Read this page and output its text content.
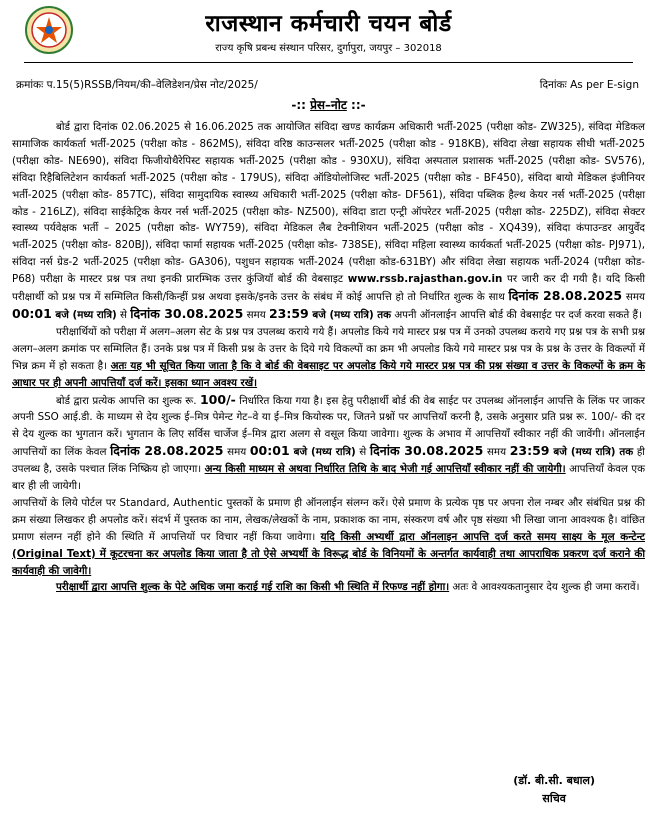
राजस्थान कर्मचारी चयन बोर्ड
राज्य कृषि प्रबन्ध संस्थान परिसर, दुर्गापुरा, जयपुर – 302018
क्रमांकः प.15(5)RSSB/नियम/की–वेलिडेशन/प्रेस नोट/2025/	दिनांकः As per E-sign
-:: प्रेस–नोट ::-

बोर्ड द्वारा दिनांक 02.06.2025 से 16.06.2025 तक आयोजित संविदा खण्ड कार्यक्रम अधिकारी भर्ती-2025 (परीक्षा कोड- ZW325), संविदा मेडिकल सामाजिक कार्यकर्ता भर्ती-2025 (परीक्षा कोड - 862MS), संविदा वरिष्ठ काउन्सलर भर्ती-2025 (परीक्षा कोड - 918KB), संविदा लेखा सहायक सीधी भर्ती-2025 (परीक्षा कोड- NE690), संविदा फिजीयोथैरेपिस्ट सहायक भर्ती-2025 (परीक्षा कोड - 930XU), संविदा अस्पताल प्रशासक भर्ती-2025 (परीक्षा कोड- SV576), संविदा रिहैबिलिटेशन कार्यकर्ता भर्ती-2025 (परीक्षा कोड - 179US), संविदा ऑडियोलोजिस्ट भर्ती-2025 (परीक्षा कोड - BF450), संविदा बायो मेडिकल इंजीनियर भर्ती-2025 (परीक्षा कोड- 857TC), संविदा सामुदायिक स्वास्थ्य अधिकारी भर्ती-2025 (परीक्षा कोड- DF561), संविदा पब्लिक हैल्थ केयर नर्स भर्ती-2025 (परीक्षा कोड - 216LZ), संविदा साईकेट्रिक केयर नर्स भर्ती-2025 (परीक्षा कोड- NZ500), संविदा डाटा एन्ट्री ऑपरेटर भर्ती-2025 (परीक्षा कोड- 225DZ), संविदा सेक्टर स्वास्थ्य पर्यवेक्षक भर्ती – 2025 (परीक्षा कोड- WY759), संविदा मेडिकल लैब टेक्नीशियन भर्ती-2025 (परीक्षा कोड - XQ439), संविदा कंपाउन्डर आयुर्वेद भर्ती-2025 (परीक्षा कोड- 820BJ), संविदा फार्मा सहायक भर्ती-2025 (परीक्षा कोड- 738SE), संविदा महिला स्वास्थ्य कार्यकर्ता भर्ती-2025 (परीक्षा कोड- PJ971), संविदा नर्स ग्रेड-2 भर्ती-2025 (परीक्षा कोड- GA306), पशुधन सहायक भर्ती-2024 (परीक्षा कोड-631BY) और संविदा लेखा सहायक भर्ती-2024 (परीक्षा कोड-P68) परीक्षा के मास्टर प्रश्न पत्र तथा इनकी प्रारम्भिक उत्तर कुंजियॉ बोर्ड की वेबसाइट www.rssb.rajasthan.gov.in पर जारी कर दी गयी है। यदि किसी परीक्षार्थी को प्रश्न पत्र में सम्मिलित किसी/किन्हीं प्रश्न अथवा इसके/इनके उत्तर के संबंध में कोई आपत्ति हो तो निर्धारित शुल्क के साथ दिनांक 28.08.2025 समय 00:01 बजे (मध्य रात्रि) से दिनांक 30.08.2025 समय 23:59 बजे (मध्य रात्रि) तक अपनी ऑनलाईन आपत्ति बोर्ड की वेबसाईट पर दर्ज करवा सकते हैं।

परीक्षार्थियों को परीक्षा में अलग–अलग सेट के प्रश्न पत्र उपलब्ध कराये गये हैं। अपलोड किये गये मास्टर प्रश्न पत्र में उनको उपलब्ध कराये गए प्रश्न पत्र के सभी प्रश्न अलग–अलग क्रमांक पर सम्मिलित हैं। उनके प्रश्न पत्र में किसी प्रश्न के उत्तर के दिये गये विकल्पों का क्रम भी अपलोड किये गये मास्टर प्रश्न पत्र के प्रश्न के उत्तर के विकल्पों में भिन्न क्रम में हो सकता है। अतः यह भी सूचित किया जाता है कि वे बोर्ड की वेबसाइट पर अपलोड किये गये मास्टर प्रश्न पत्र की प्रश्न संख्या व उत्तर के विकल्पों के क्रम के आधार पर ही अपनी आपत्तियाँ दर्ज करें। इसका ध्यान अवश्य रखें।

बोर्ड द्वारा प्रत्येक आपत्ति का शुल्क रू. 100/- निर्धारित किया गया है। इस हेतु परीक्षार्थी बोर्ड की वेब साईट पर उपलब्ध ऑनलाईन आपत्ति के लिंक पर जाकर अपनी SSO आई.डी. के माध्यम से देय शुल्क ई–मित्र पेमेन्ट गेट–वे या ई–मित्र कियोस्क पर, जितने प्रश्नों पर आपत्तियाँ करनी है, उसके अनुसार प्रति प्रश्न रू. 100/- की दर से देय शुल्क का भुगतान करें। भुगतान के लिए सर्विस चार्जेज ई–मित्र द्वारा अलग से वसूल किया जावेगा। शुल्क के अभाव में आपत्तियाँ स्वीकार नहीं की जावेंगी। ऑनलाईन आपत्तियों का लिंक केवल दिनांक 28.08.2025 समय 00:01 बजे (मध्य रात्रि) से दिनांक 30.08.2025 समय 23:59 बजे (मध्य रात्रि) तक ही उपलब्ध है, उसके पश्चात लिंक निष्क्रिय हो जाएगा। अन्य किसी माध्यम से अथवा निर्धारित तिथि के बाद भेजी गई आपत्तियाँ स्वीकार नहीं की जायेगी। आपत्तियाँ केवल एक बार ही ली जायेगी।

आपत्तियों के लिये पोर्टल पर Standard, Authentic पुस्तकों के प्रमाण ही ऑनलाईन संलग्न करें। ऐसे प्रमाण के प्रत्येक पृष्ठ पर अपना रोल नम्बर और संबंधित प्रश्न की क्रम संख्या लिखकर ही अपलोड करें। संदर्भ में पुस्तक का नाम, लेखक/लेखकों के नाम, प्रकाशक का नाम, संस्करण वर्ष और पृष्ठ संख्या भी लिखा जाना आवश्यक है। वांछित प्रमाण संलग्न नहीं होने की स्थिति में आपत्तियों पर विचार नहीं किया जावेगा। यदि किसी अभ्यर्थी द्वारा ऑनलाइन आपत्ति दर्ज करते समय साक्ष्य के मूल कन्टेन्ट (Original Text) में कूटरचना कर अपलोड किया जाता है तो ऐसे अभ्यर्थी के विरूद्ध बोर्ड के विनियमों के अन्तर्गत कार्यवाही तथा आपराधिक प्रकरण दर्ज कराने की कार्यवाही की जावेगी।

परीक्षार्थी द्वारा आपत्ति शुल्क के पेटे अधिक जमा कराई गई राशि का किसी भी स्थिति में रिफण्ड नहीं होगा। अतः वे आवश्यकतानुसार देय शुल्क ही जमा करावें।

(डॉ. बी.सी. बधाल)
सचिव
